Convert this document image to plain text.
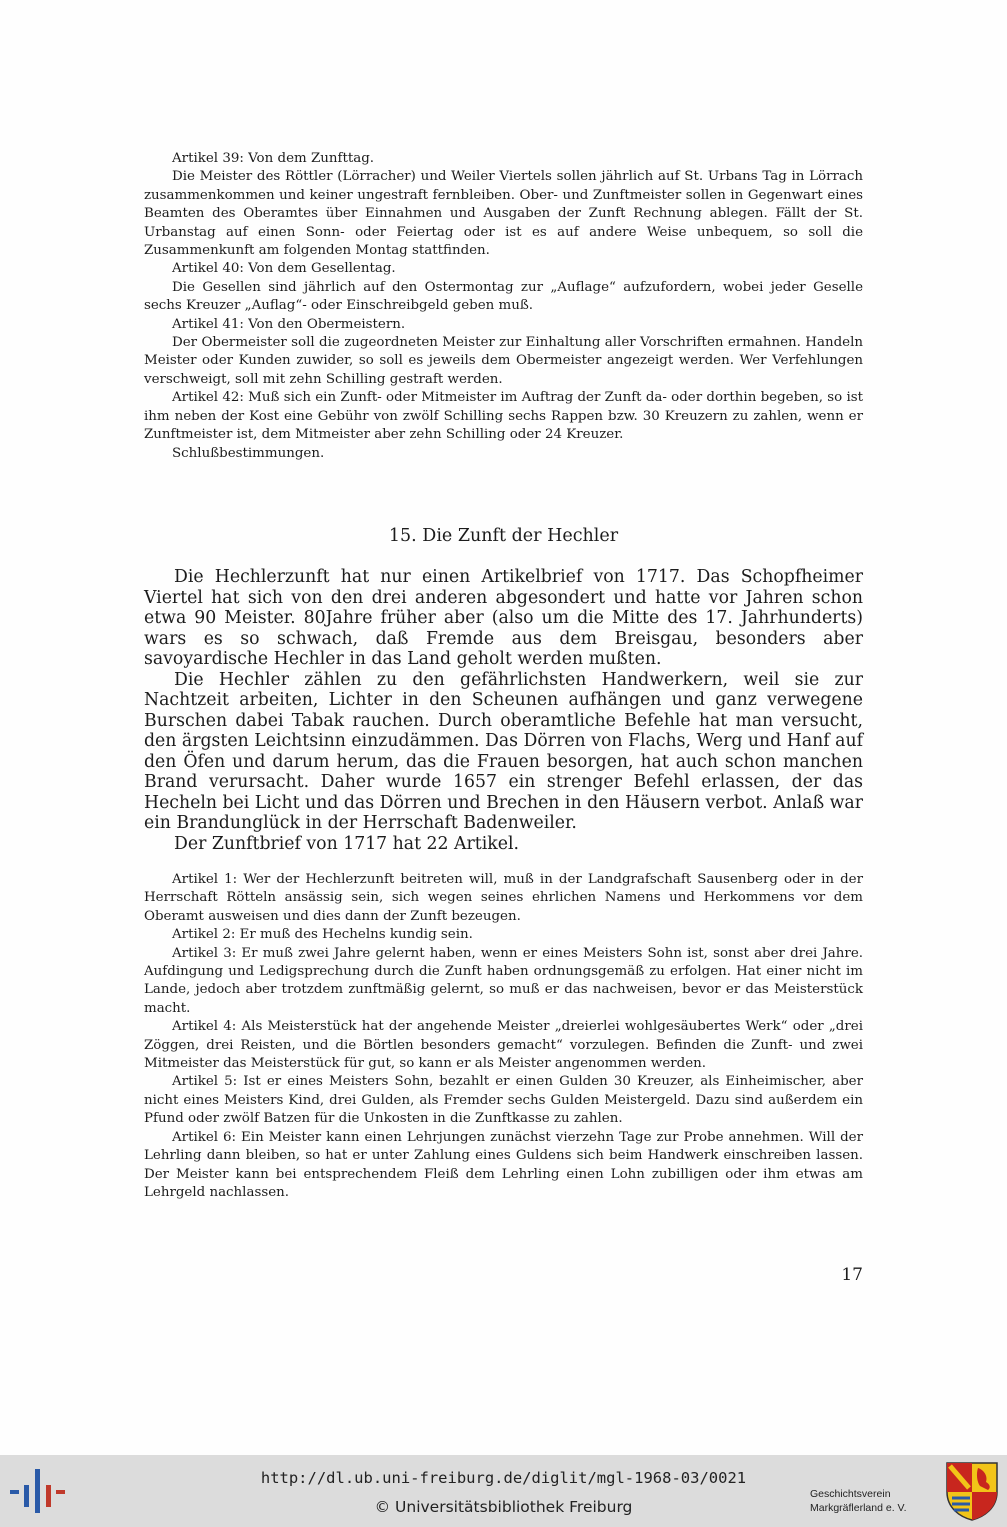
Artikel 39: Von dem Zunfttag.

Die Meister des Röttler (Lörracher) und Weiler Viertels sollen jährlich auf St. Urbans Tag in Lörrach zusammenkommen und keiner ungestraft fernbleiben. Ober- und Zunftmeister sollen in Gegenwart eines Beamten des Oberamtes über Einnahmen und Ausgaben der Zunft Rechnung ablegen. Fällt der St. Urbanstag auf einen Sonn- oder Feiertag oder ist es auf andere Weise unbequem, so soll die Zusammenkunft am folgenden Montag stattfinden.

Artikel 40: Von dem Gesellentag.

Die Gesellen sind jährlich auf den Ostermontag zur „Auflage“ aufzufordern, wobei jeder Geselle sechs Kreuzer „Auflag“- oder Einschreibgeld geben muß.

Artikel 41: Von den Obermeistern.

Der Obermeister soll die zugeordneten Meister zur Einhaltung aller Vorschriften ermahnen. Handeln Meister oder Kunden zuwider, so soll es jeweils dem Obermeister angezeigt werden. Wer Verfehlungen verschweigt, soll mit zehn Schilling gestraft werden.

Artikel 42: Muß sich ein Zunft- oder Mitmeister im Auftrag der Zunft da- oder dorthin begeben, so ist ihm neben der Kost eine Gebühr von zwölf Schilling sechs Rappen bzw. 30 Kreuzern zu zahlen, wenn er Zunftmeister ist, dem Mitmeister aber zehn Schilling oder 24 Kreuzer.

Schlußbestimmungen.

15. Die Zunft der Hechler

Die Hechlerzunft hat nur einen Artikelbrief von 1717. Das Schopfheimer Viertel hat sich von den drei anderen abgesondert und hatte vor Jahren schon etwa 90 Meister. 80Jahre früher aber (also um die Mitte des 17. Jahrhunderts) wars es so schwach, daß Fremde aus dem Breisgau, besonders aber savoyardische Hechler in das Land geholt werden mußten.

Die Hechler zählen zu den gefährlichsten Handwerkern, weil sie zur Nachtzeit arbeiten, Lichter in den Scheunen aufhängen und ganz verwegene Burschen dabei Tabak rauchen. Durch oberamtliche Befehle hat man versucht, den ärgsten Leichtsinn einzudämmen. Das Dörren von Flachs, Werg und Hanf auf den Öfen und darum herum, das die Frauen besorgen, hat auch schon manchen Brand verursacht. Daher wurde 1657 ein strenger Befehl erlassen, der das Hecheln bei Licht und das Dörren und Brechen in den Häusern verbot. Anlaß war ein Brandunglück in der Herrschaft Badenweiler.

Der Zunftbrief von 1717 hat 22 Artikel.

Artikel 1: Wer der Hechlerzunft beitreten will, muß in der Landgrafschaft Sausenberg oder in der Herrschaft Rötteln ansässig sein, sich wegen seines ehrlichen Namens und Herkommens vor dem Oberamt ausweisen und dies dann der Zunft bezeugen.

Artikel 2: Er muß des Hechelns kundig sein.

Artikel 3: Er muß zwei Jahre gelernt haben, wenn er eines Meisters Sohn ist, sonst aber drei Jahre. Aufdingung und Ledigsprechung durch die Zunft haben ordnungsgemäß zu erfolgen. Hat einer nicht im Lande, jedoch aber trotzdem zunftmäßig gelernt, so muß er das nachweisen, bevor er das Meisterstück macht.

Artikel 4: Als Meisterstück hat der angehende Meister „dreierlei wohlgesäubertes Werk“ oder „drei Zöggen, drei Reisten, und die Börtlen besonders gemacht“ vorzulegen. Befinden die Zunft- und zwei Mitmeister das Meisterstück für gut, so kann er als Meister angenommen werden.

Artikel 5: Ist er eines Meisters Sohn, bezahlt er einen Gulden 30 Kreuzer, als Einheimischer, aber nicht eines Meisters Kind, drei Gulden, als Fremder sechs Gulden Meistergeld. Dazu sind außerdem ein Pfund oder zwölf Batzen für die Unkosten in die Zunftkasse zu zahlen.

Artikel 6: Ein Meister kann einen Lehrjungen zunächst vierzehn Tage zur Probe annehmen. Will der Lehrling dann bleiben, so hat er unter Zahlung eines Guldens sich beim Handwerk einschreiben lassen. Der Meister kann bei entsprechendem Fleiß dem Lehrling einen Lohn zubilligen oder ihm etwas am Lehrgeld nachlassen.

17
http://dl.ub.uni-freiburg.de/diglit/mgl-1968-03/0021
© Universitätsbibliothek Freiburg
Geschichtsverein
Markgräflerland e. V.
